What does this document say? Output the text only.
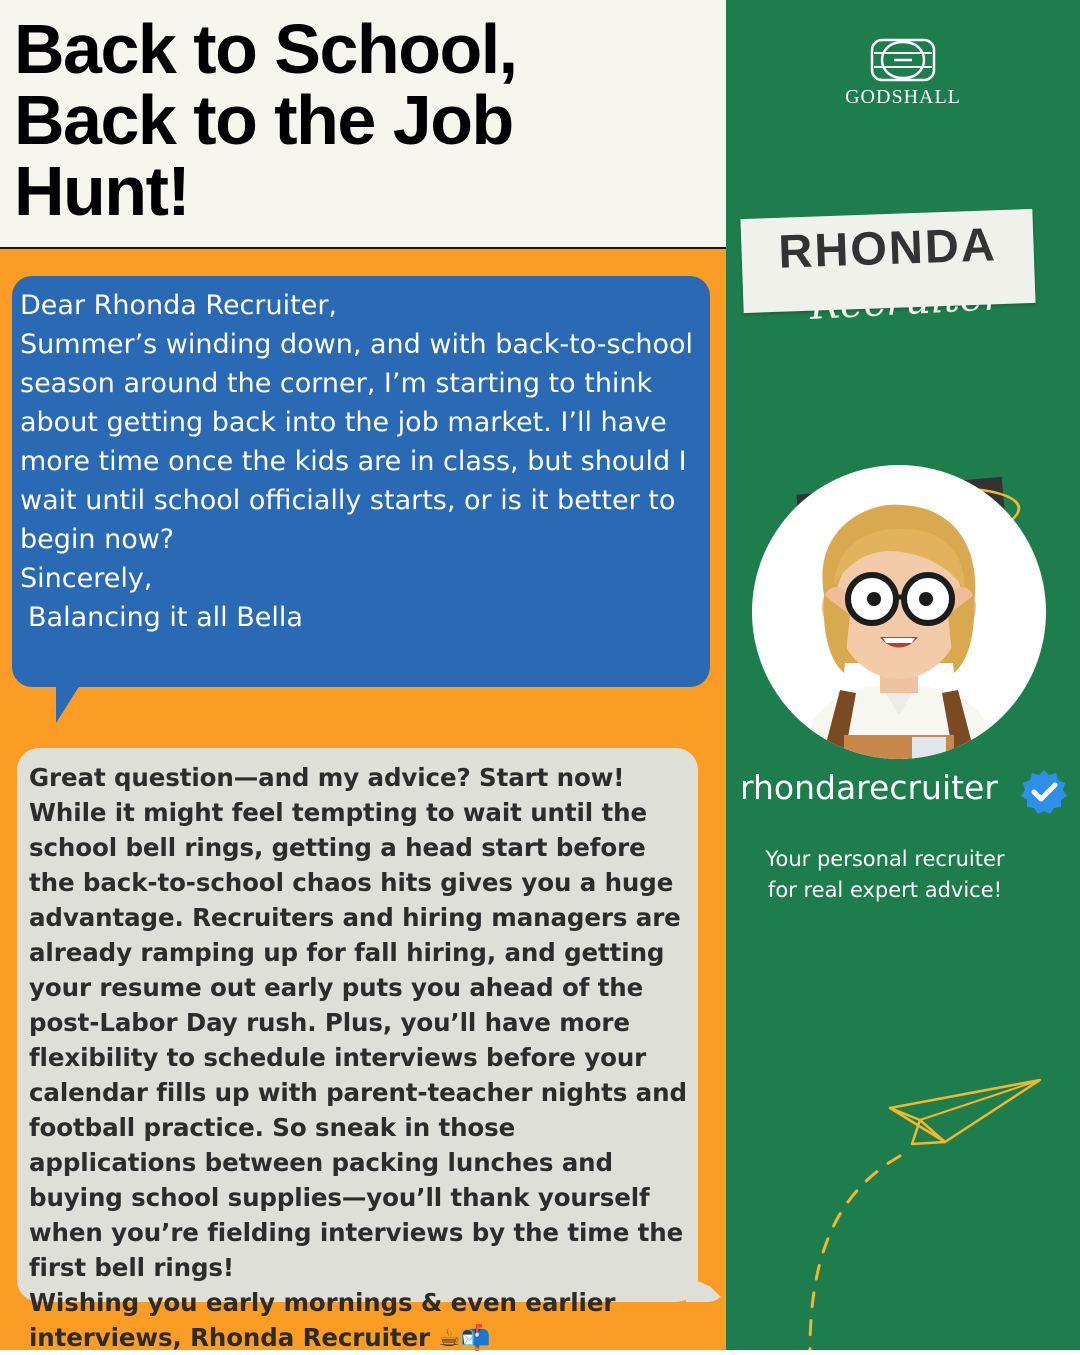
Back to School,
Back to the Job
Hunt!

Dear Rhonda Recruiter,

Summer’s winding down, and with back-to-school season around the corner, I’m starting to think about getting back into the job market. I’ll have more time once the kids are in class, but should I wait until school officially starts, or is it better to begin now?

Sincerely,

Balancing it all Bella

Great question—and my advice? Start now! While it might feel tempting to wait until the school bell rings, getting a head start before the back-to-school chaos hits gives you a huge advantage. Recruiters and hiring managers are already ramping up for fall hiring, and getting your resume out early puts you ahead of the post-Labor Day rush. Plus, you’ll have more flexibility to schedule interviews before your calendar fills up with parent-teacher nights and football practice. So sneak in those applications between packing lunches and buying school supplies—you’ll thank yourself when you’re fielding interviews by the time the first bell rings!

Wishing you early mornings & even earlier interviews, Rhonda Recruiter ☕📬

GODSHALL
RHONDA
Recruiter
rhondarecruiter

Your personal recruiter
for real expert advice!
